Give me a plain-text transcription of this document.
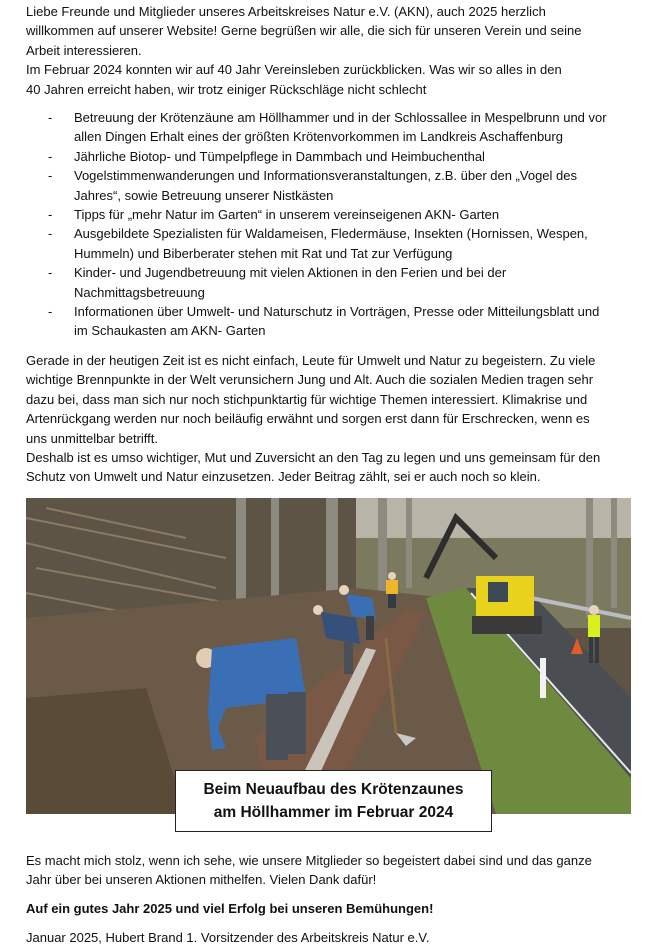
Liebe Freunde und Mitglieder unseres Arbeitskreises Natur e.V. (AKN), auch 2025 herzlich
willkommen auf unserer Website! Gerne begrüßen wir alle, die sich für unseren Verein und seine
Arbeit interessieren.
Im Februar 2024 konnten wir auf 40 Jahr Vereinsleben zurückblicken. Was wir so alles in den
40 Jahren erreicht haben, wir trotz einiger Rückschläge nicht schlecht

- Betreuung der Krötenzäune am Höllhammer und in der Schlossallee in Mespelbrunn und vor
allen Dingen Erhalt eines der größten Krötenvorkommen im Landkreis Aschaffenburg
- Jährliche Biotop- und Tümpelpflege in Dammbach und Heimbuchenthal
- Vogelstimmenwanderungen und Informationsveranstaltungen, z.B. über den „Vogel des
Jahres“, sowie Betreuung unserer Nistkästen
- Tipps für „mehr Natur im Garten“ in unserem vereinseigenen AKN- Garten
- Ausgebildete Spezialisten für Waldameisen, Fledermäuse, Insekten (Hornissen, Wespen,
Hummeln) und Biberberater stehen mit Rat und Tat zur Verfügung
- Kinder- und Jugendbetreuung mit vielen Aktionen in den Ferien und bei der
Nachmittagsbetreuung
- Informationen über Umwelt- und Naturschutz in Vorträgen, Presse oder Mitteilungsblatt und
im Schaukasten am AKN- Garten

Gerade in der heutigen Zeit ist es nicht einfach, Leute für Umwelt und Natur zu begeistern. Zu viele
wichtige Brennpunkte in der Welt verunsichern Jung und Alt. Auch die sozialen Medien tragen sehr
dazu bei, dass man sich nur noch stichpunktartig für wichtige Themen interessiert. Klimakrise und
Artenrückgang werden nur noch beiläufig erwähnt und sorgen erst dann für Erschrecken, wenn es
uns unmittelbar betrifft.
Deshalb ist es umso wichtiger, Mut und Zuversicht an den Tag zu legen und uns gemeinsam für den
Schutz von Umwelt und Natur einzusetzen. Jeder Beitrag zählt, sei er auch noch so klein.

Beim Neuaufbau des Krötenzaunes
am Höllhammer im Februar 2024

Es macht mich stolz, wenn ich sehe, wie unsere Mitglieder so begeistert dabei sind und das ganze
Jahr über bei unseren Aktionen mithelfen. Vielen Dank dafür!

Auf ein gutes Jahr 2025 und viel Erfolg bei unseren Bemühungen!

Januar 2025, Hubert Brand 1. Vorsitzender des Arbeitskreis Natur e.V.
